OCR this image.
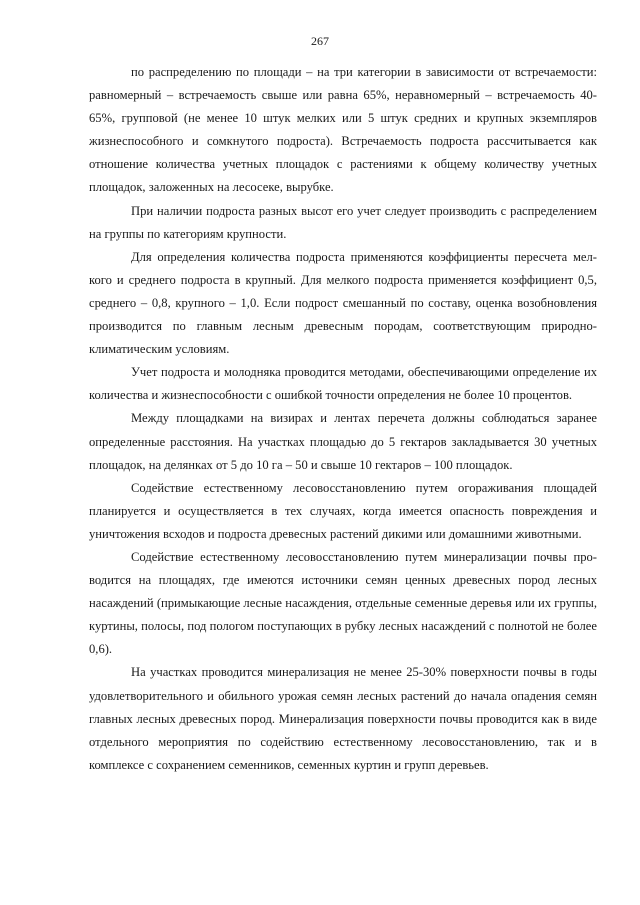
267

по распределению по площади – на три категории в зависимости от встречаемости: равномерный – встречаемость свыше или равна 65%, неравномерный – встречаемость 40-65%, групповой (не менее 10 штук мелких или 5 штук средних и крупных экземпляров жизнеспособного и сомкнутого подроста). Встречаемость подроста рассчитывается как отношение количества учетных площадок с растениями к общему количеству учетных площадок, заложенных на лесосеке, вырубке.

При наличии подроста разных высот его учет следует производить с распределением на группы по категориям крупности.

Для определения количества подроста применяются коэффициенты пересчета мелкого и среднего подроста в крупный. Для мелкого подроста применяется коэффициент 0,5, среднего – 0,8, крупного – 1,0. Если подрост смешанный по составу, оценка возобновления производится по главным лесным древесным породам, соответствующим природно-климатическим условиям.

Учет подроста и молодняка проводится методами, обеспечивающими определение их количества и жизнеспособности с ошибкой точности определения не более 10 процентов.

Между площадками на визирах и лентах перечета должны соблюдаться заранее определенные расстояния. На участках площадью до 5 гектаров закладывается 30 учетных площадок, на делянках от 5 до 10 га – 50 и свыше 10 гектаров – 100 площадок.

Содействие естественному лесовосстановлению путем огораживания площадей планируется и осуществляется в тех случаях, когда имеется опасность повреждения и уничтожения всходов и подроста древесных растений дикими или домашними животными.

Содействие естественному лесовосстановлению путем минерализации почвы проводится на площадях, где имеются источники семян ценных древесных пород лесных насаждений (примыкающие лесные насаждения, отдельные семенные деревья или их группы, куртины, полосы, под пологом поступающих в рубку лесных насаждений с полнотой не более 0,6).

На участках проводится минерализация не менее 25-30% поверхности почвы в годы удовлетворительного и обильного урожая семян лесных растений до начала опадения семян главных лесных древесных пород. Минерализация поверхности почвы проводится как в виде отдельного мероприятия по содействию естественному лесовосстановлению, так и в комплексе с сохранением семенников, семенных куртин и групп деревьев.
